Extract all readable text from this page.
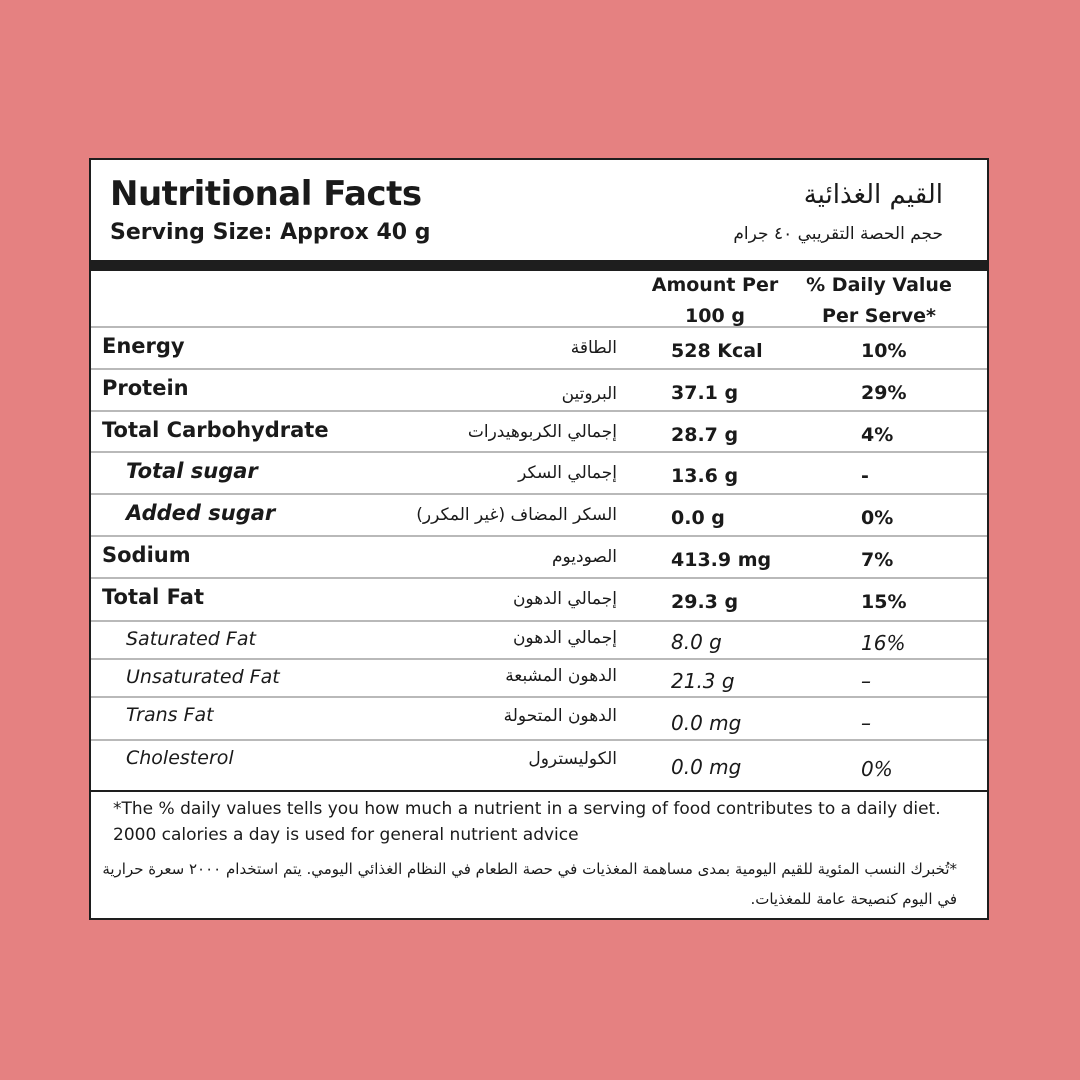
Nutritional Facts
Serving Size: Approx 40 g
القيم الغذائية
حجم الحصة التقريبي ٤٠ جرام
Amount Per
100 g
% Daily Value
Per Serve*
Energy	الطاقة	528 Kcal	10%
Protein	البروتين	37.1 g	29%
Total Carbohydrate	إجمالي الكربوهيدرات	28.7 g	4%
Total sugar	إجمالي السكر	13.6 g	-
Added sugar	السكر المضاف (غير المكرر)	0.0 g	0%
Sodium	الصوديوم	413.9 mg	7%
Total Fat	إجمالي الدهون	29.3 g	15%
Saturated Fat	إجمالي الدهون	8.0 g	16%
Unsaturated Fat	الدهون المشبعة	21.3 g	–
Trans Fat	الدهون المتحولة	0.0 mg	–
Cholesterol	الكوليسترول	0.0 mg	0%
*The % daily values tells you how much a nutrient in a serving of food contributes to a daily diet. 2000 calories a day is used for general nutrient advice
*تُخبرك النسب المئوية للقيم اليومية بمدى مساهمة المغذيات في حصة الطعام في النظام الغذائي اليومي. يتم استخدام ٢٠٠٠ سعرة حرارية في اليوم كنصيحة عامة للمغذيات.
